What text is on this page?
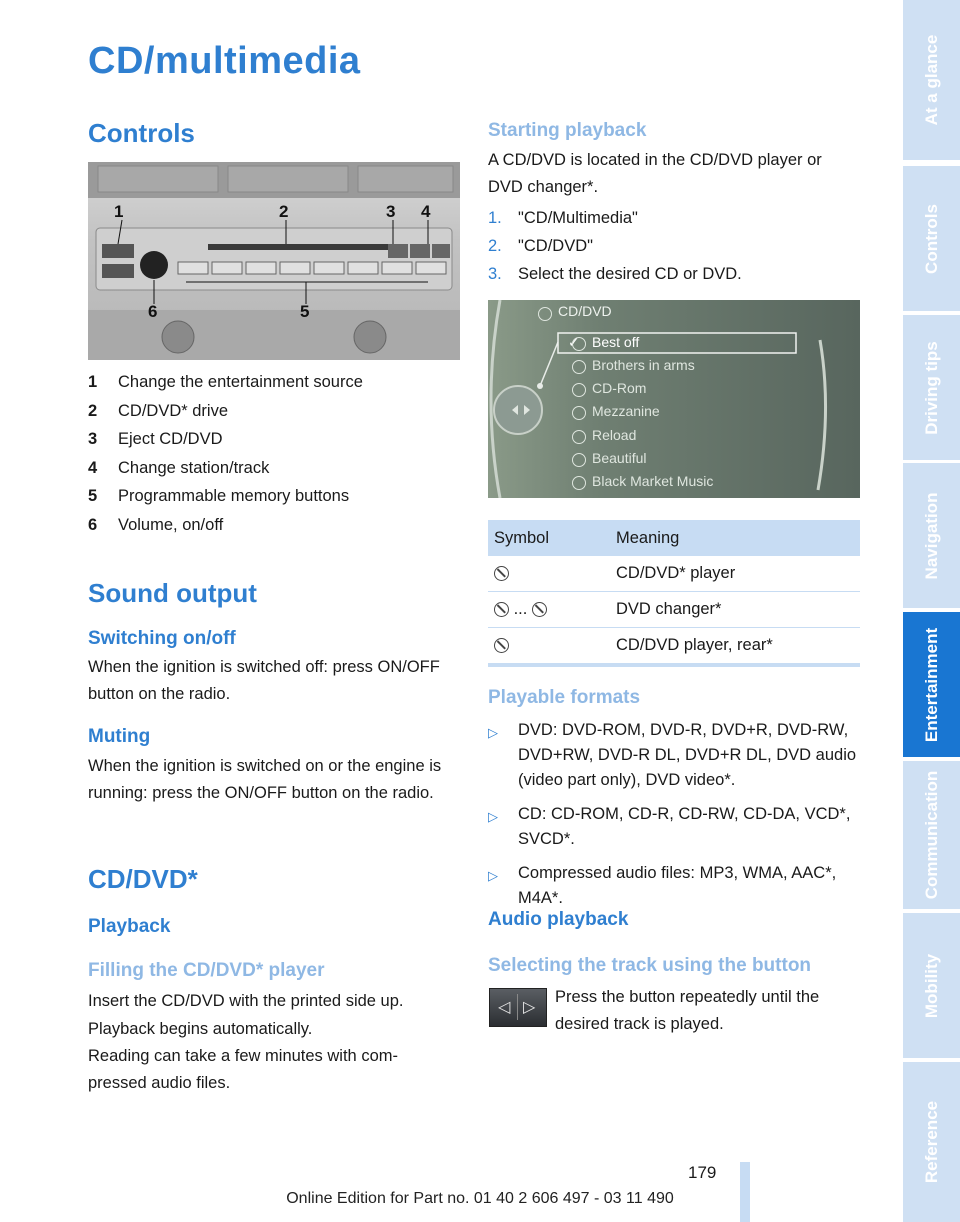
CD/multimedia
Controls
1	2	3 4
5
6
1	Change the entertainment source
2	CD/DVD* drive
3	Eject CD/DVD
4	Change station/track
5	Programmable memory buttons
6	Volume, on/off
Sound output
Switching on/off
When the ignition is switched off: press ON/OFF button on the radio.
Muting
When the ignition is switched on or the engine is running: press the ON/OFF button on the radio.
CD/DVD*
Playback
Filling the CD/DVD* player
Insert the CD/DVD with the printed side up.
Playback begins automatically.
Reading can take a few minutes with com-pressed audio files.
Starting playback
A CD/DVD is located in the CD/DVD player or DVD changer*.
1. "CD/Multimedia"
2. "CD/DVD"
3. Select the desired CD or DVD.
CD/DVD
✓ Best off
Brothers in arms
CD-Rom
Mezzanine
Reload
Beautiful
Black Market Music
Symbol	Meaning
CD/DVD* player
...	DVD changer*
CD/DVD player, rear*
Playable formats
▷	DVD: DVD-ROM, DVD-R, DVD+R, DVD-RW, DVD+RW, DVD-R DL, DVD+R DL, DVD audio (video part only), DVD video*.
▷	CD: CD-ROM, CD-R, CD-RW, CD-DA, VCD*, SVCD*.
▷	Compressed audio files: MP3, WMA, AAC*, M4A*.
Audio playback
Selecting the track using the button
◁ ▷
Press the button repeatedly until the desired track is played.
At a glance
Controls
Driving tips
Navigation
Entertainment
Communication
Mobility
Reference
179
Online Edition for Part no. 01 40 2 606 497 - 03 11 490
